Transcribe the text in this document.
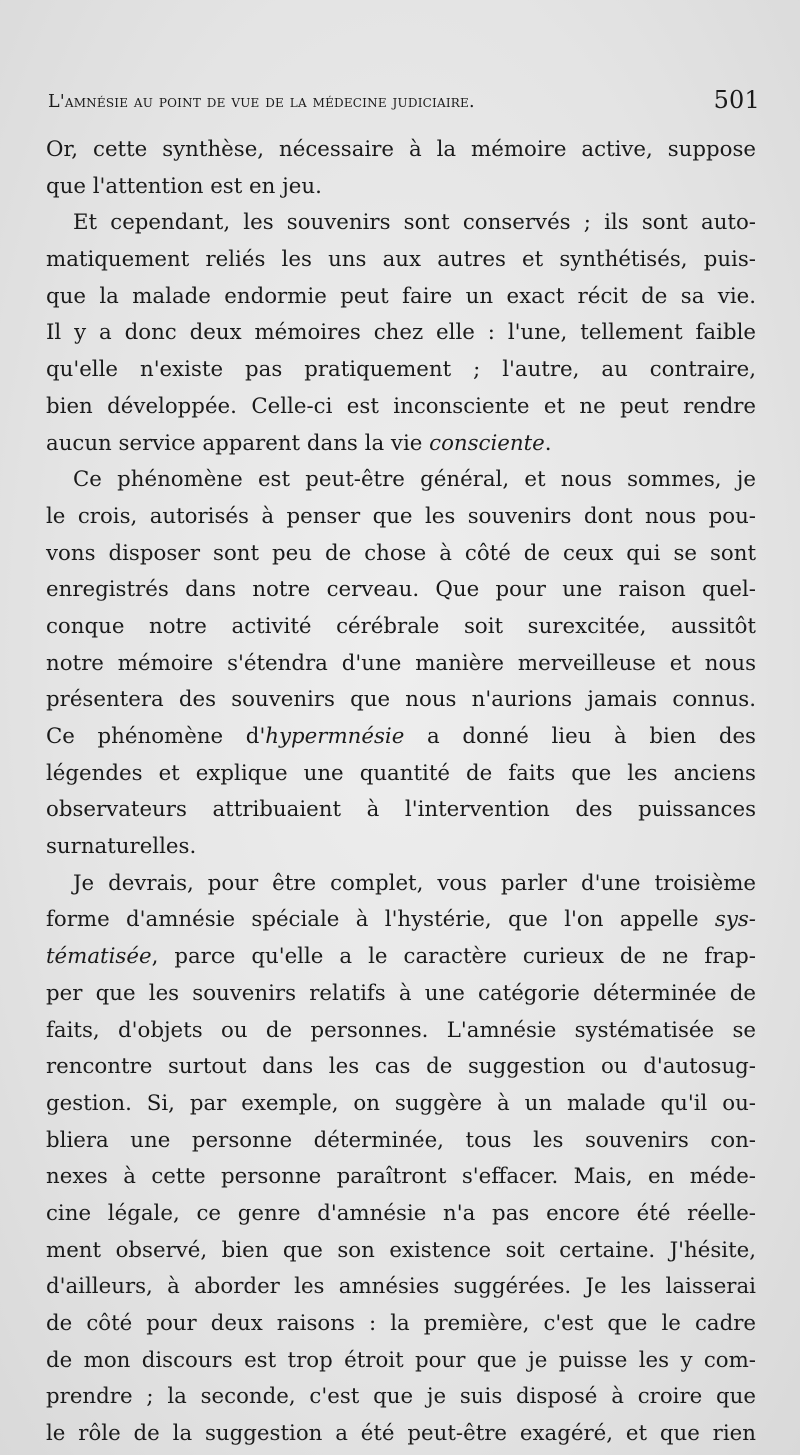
L'amnésie au point de vue de la médecine judiciaire.	501
Or, cette synthèse, nécessaire à la mémoire active, suppose
que l'attention est en jeu.
Et cependant, les souvenirs sont conservés ; ils sont auto-
matiquement reliés les uns aux autres et synthétisés, puis-
que la malade endormie peut faire un exact récit de sa vie.
Il y a donc deux mémoires chez elle : l'une, tellement faible
qu'elle n'existe pas pratiquement ; l'autre, au contraire,
bien développée. Celle-ci est inconsciente et ne peut rendre
aucun service apparent dans la vie consciente.
Ce phénomène est peut-être général, et nous sommes, je
le crois, autorisés à penser que les souvenirs dont nous pou-
vons disposer sont peu de chose à côté de ceux qui se sont
enregistrés dans notre cerveau. Que pour une raison quel-
conque notre activité cérébrale soit surexcitée, aussitôt
notre mémoire s'étendra d'une manière merveilleuse et nous
présentera des souvenirs que nous n'aurions jamais connus.
Ce phénomène d'hypermnésie a donné lieu à bien des
légendes et explique une quantité de faits que les anciens
observateurs attribuaient à l'intervention des puissances
surnaturelles.
Je devrais, pour être complet, vous parler d'une troisième
forme d'amnésie spéciale à l'hystérie, que l'on appelle sys-
tématisée, parce qu'elle a le caractère curieux de ne frap-
per que les souvenirs relatifs à une catégorie déterminée de
faits, d'objets ou de personnes. L'amnésie systématisée se
rencontre surtout dans les cas de suggestion ou d'autosug-
gestion. Si, par exemple, on suggère à un malade qu'il ou-
bliera une personne déterminée, tous les souvenirs con-
nexes à cette personne paraîtront s'effacer. Mais, en méde-
cine légale, ce genre d'amnésie n'a pas encore été réelle-
ment observé, bien que son existence soit certaine. J'hésite,
d'ailleurs, à aborder les amnésies suggérées. Je les laisserai
de côté pour deux raisons : la première, c'est que le cadre
de mon discours est trop étroit pour que je puisse les y com-
prendre ; la seconde, c'est que je suis disposé à croire que
le rôle de la suggestion a été peut-être exagéré, et que rien
